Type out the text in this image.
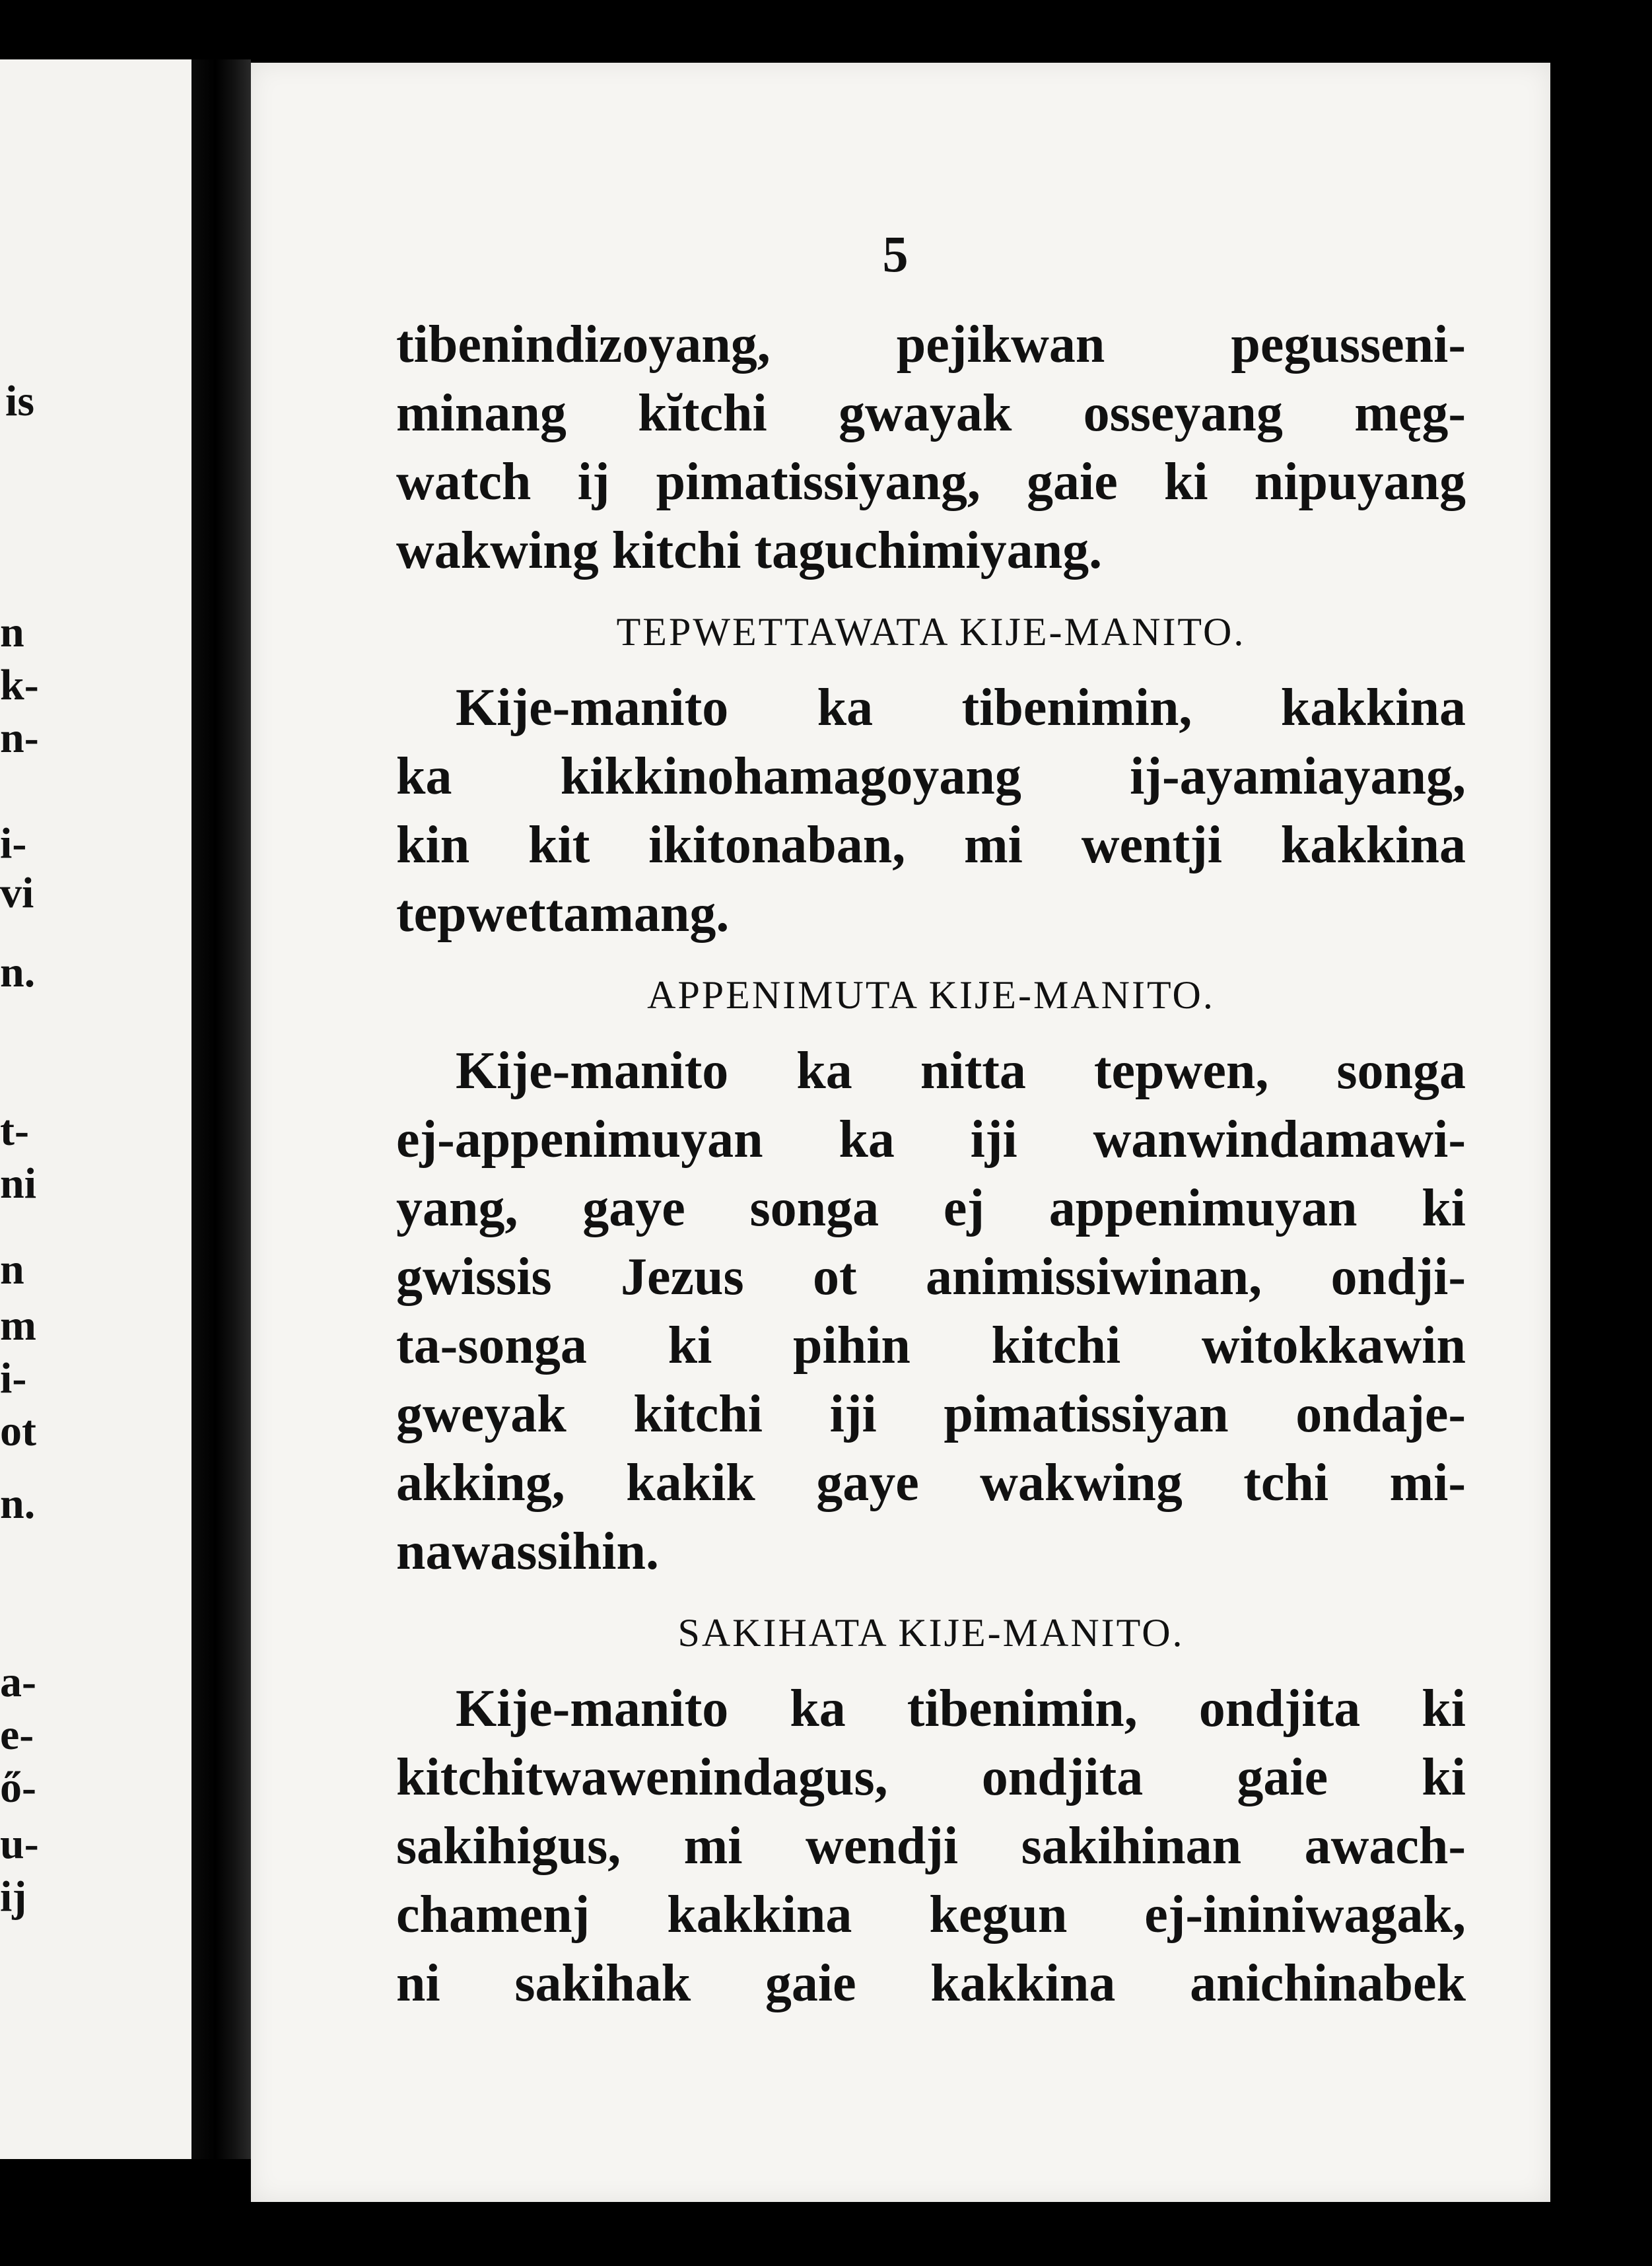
is
n
k-
n-
i-
vi
n.
t-
ni
n
m
i-
ot
n.
a-
e-
ő-
u-
ij
5

tibenindizoyang, pejikwan pegusseni-
minang kĭtchi gwayak osseyang męg-
watch ij pimatissiyang, gaie ki nipuyang
wakwing kitchi taguchimiyang.

TEPWETTAWATA KIJE-MANITO.

Kije-manito ka tibenimin, kakkina
ka kikkinohamagoyang ij-ayamiayang,
kin kit ikitonaban, mi wentji kakkina
tepwettamang.

APPENIMUTA KIJE-MANITO.

Kije-manito ka nitta tepwen, songa
ej-appenimuyan ka iji wanwindamawi-
yang, gaye songa ej appenimuyan ki
gwissis Jezus ot animissiwinan, ondji-
ta-songa ki pihin kitchi witokkawin
gweyak kitchi iji pimatissiyan ondaje-
akking, kakik gaye wakwing tchi mi-
nawassihin.

SAKIHATA KIJE-MANITO.

Kije-manito ka tibenimin, ondjita ki
kitchitwawenindagus, ondjita gaie ki
sakihigus, mi wendji sakihinan awach-
chamenj kakkina kegun ej-ininiwagak,
ni sakihak gaie kakkina anichinabek
